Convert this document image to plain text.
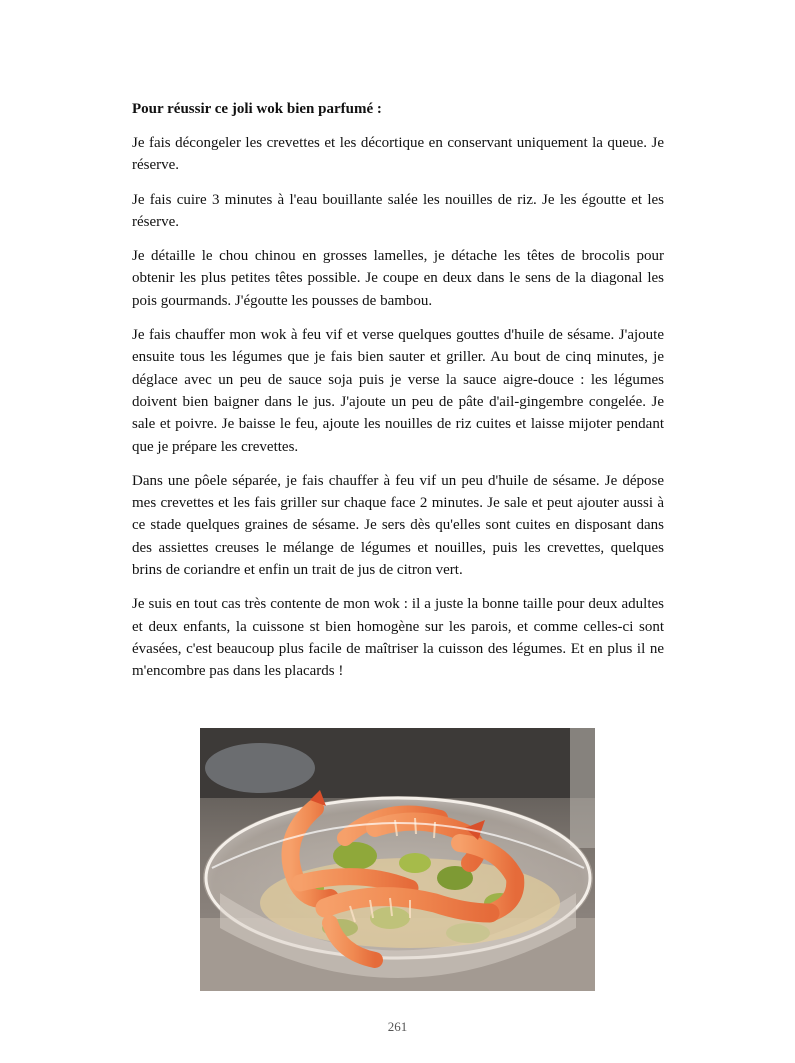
Pour réussir ce joli wok bien parfumé :

Je fais décongeler les crevettes et les décortique en conservant uniquement la queue. Je réserve.

Je fais cuire 3 minutes à l'eau bouillante salée les nouilles de riz. Je les égoutte et les réserve.

Je détaille le chou chinou en grosses lamelles, je détache les têtes de brocolis pour obtenir les plus petites têtes possible. Je coupe en deux dans le sens de la diagonal les pois gourmands. J'égoutte les pousses de bambou.

Je fais chauffer mon wok à feu vif et verse quelques gouttes d'huile de sésame. J'ajoute ensuite tous les légumes que je fais bien sauter et griller. Au bout de cinq minutes, je déglace avec un peu de sauce soja puis je verse la sauce aigre-douce : les légumes doivent bien baigner dans le jus. J'ajoute un peu de pâte d'ail-gingembre congelée. Je sale et poivre. Je baisse le feu, ajoute les nouilles de riz cuites et laisse mijoter pendant que je prépare les crevettes.

Dans une pôele séparée, je fais chauffer à feu vif un peu d'huile de sésame. Je dépose mes crevettes et les fais griller sur chaque face 2 minutes. Je sale et peut ajouter aussi à ce stade quelques graines de sésame. Je sers dès qu'elles sont cuites en disposant dans des assiettes creuses le mélange de légumes et nouilles, puis les crevettes, quelques brins de coriandre et enfin un trait de jus de citron vert.

Je suis en tout cas très contente de mon wok : il a juste la bonne taille pour deux adultes et deux enfants, la cuissone st bien homogène sur les parois, et comme celles-ci sont évasées, c'est beaucoup plus facile de maîtriser la cuisson des légumes. Et en plus il ne m'encombre pas dans les placards !

261
